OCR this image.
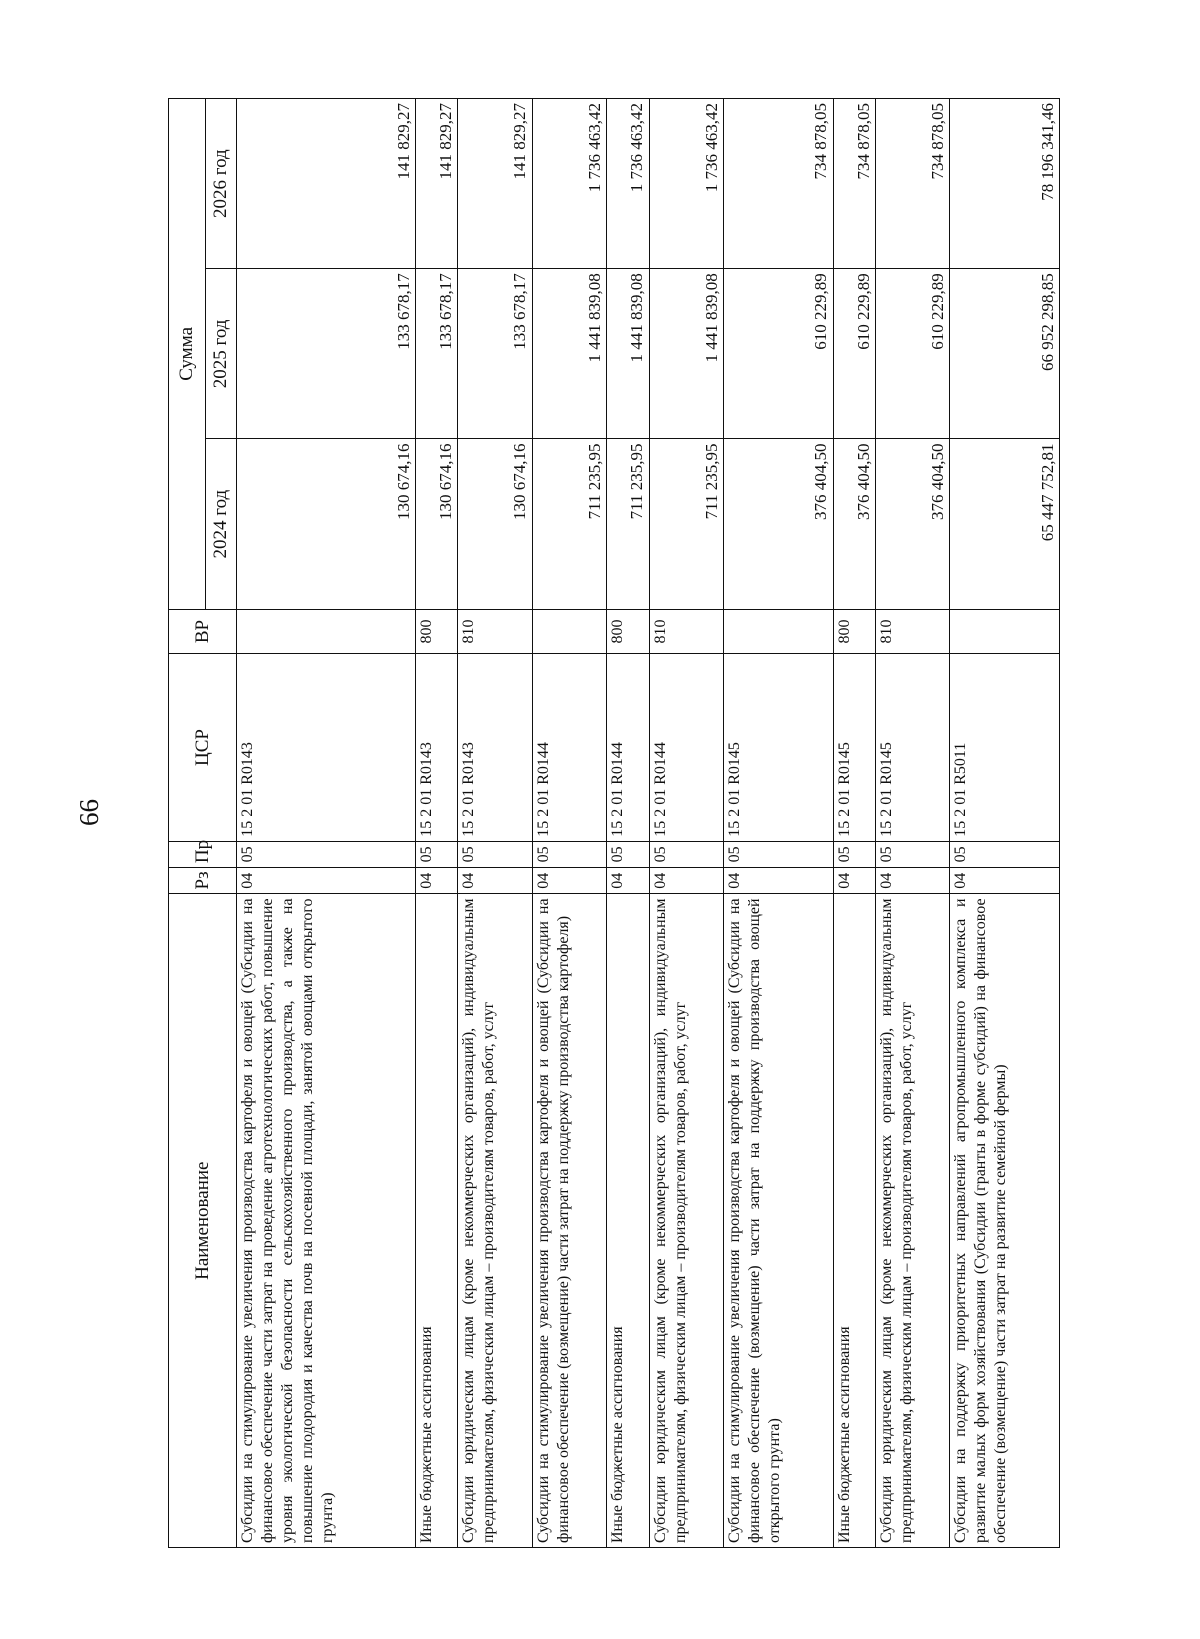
66
Наименование	Рз	Пр	ЦСР	ВР	Сумма		
					2024 год	2025 год	2026 год
Субсидии на стимулирование увеличения производства картофеля и овощей (Субсидии на финансовое обеспечение части затрат на проведение агротехнологических работ, повышение уровня экологической безопасности сельскохозяйственного производства, а также на повышение плодородия и качества почв на посевной площади, занятой овощами открытого грунта)	04	05	15 2 01 R0143		130 674,16	133 678,17	141 829,27
Иные бюджетные ассигнования	04	05	15 2 01 R0143	800	130 674,16	133 678,17	141 829,27
Субсидии юридическим лицам (кроме некоммерческих организаций), индивидуальным предпринимателям, физическим лицам – производителям товаров, работ, услуг	04	05	15 2 01 R0143	810	130 674,16	133 678,17	141 829,27
Субсидии на стимулирование увеличения производства картофеля и овощей (Субсидии на финансовое обеспечение (возмещение) части затрат на поддержку производства картофеля)	04	05	15 2 01 R0144		711 235,95	1 441 839,08	1 736 463,42
Иные бюджетные ассигнования	04	05	15 2 01 R0144	800	711 235,95	1 441 839,08	1 736 463,42
Субсидии юридическим лицам (кроме некоммерческих организаций), индивидуальным предпринимателям, физическим лицам – производителям товаров, работ, услуг	04	05	15 2 01 R0144	810	711 235,95	1 441 839,08	1 736 463,42
Субсидии на стимулирование увеличения производства картофеля и овощей (Субсидии на финансовое обеспечение (возмещение) части затрат на поддержку производства овощей открытого грунта)	04	05	15 2 01 R0145		376 404,50	610 229,89	734 878,05
Иные бюджетные ассигнования	04	05	15 2 01 R0145	800	376 404,50	610 229,89	734 878,05
Субсидии юридическим лицам (кроме некоммерческих организаций), индивидуальным предпринимателям, физическим лицам – производителям товаров, работ, услуг	04	05	15 2 01 R0145	810	376 404,50	610 229,89	734 878,05
Субсидии на поддержку приоритетных направлений агропромышленного комплекса и развитие малых форм хозяйствования (Субсидии (гранты в форме субсидий) на финансовое обеспечение (возмещение) части затрат на развитие семейной фермы)	04	05	15 2 01 R5011		65 447 752,81	66 952 298,85	78 196 341,46
